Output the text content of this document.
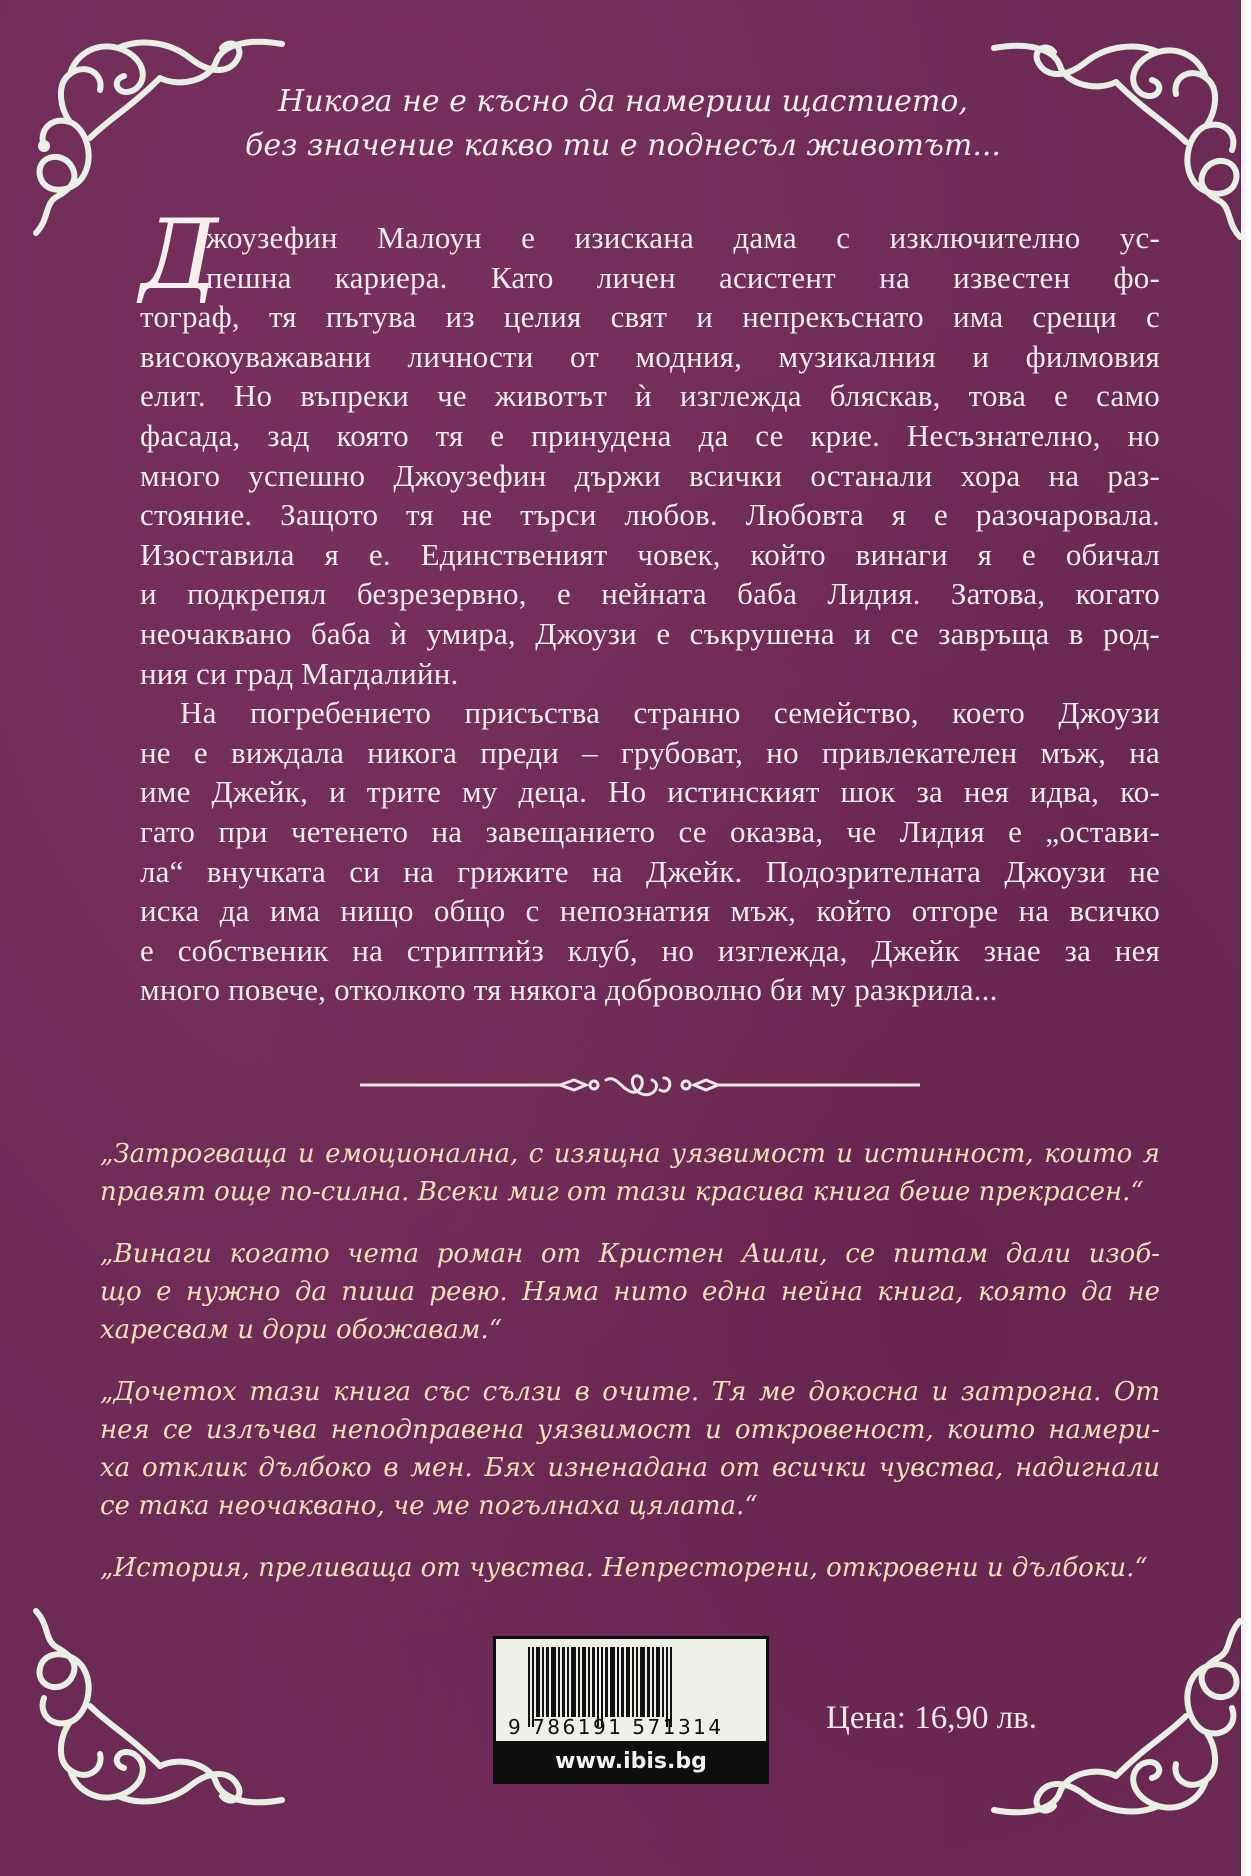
Никога не е късно да намериш щастието,
без значение какво ти е поднесъл животът...
Д
жоузефин Малоун е изискана дама с изключително ус-
пешна кариера. Като личен асистент на известен фо-
тограф, тя пътува из целия свят и непрекъснато има срещи с
високоуважавани личности от модния, музикалния и филмовия
елит. Но въпреки че животът ѝ изглежда бляскав, това е само
фасада, зад която тя е принудена да се крие. Несъзнателно, но
много успешно Джоузефин държи всички останали хора на раз-
стояние. Защото тя не търси любов. Любовта я е разочаровала.
Изоставила я е. Единственият човек, който винаги я е обичал
и подкрепял безрезервно, е нейната баба Лидия. Затова, когато
неочаквано баба ѝ умира, Джоузи е съкрушена и се завръща в род-
ния си град Магдалийн.
На погребението присъства странно семейство, което Джоузи
не е виждала никога преди – грубоват, но привлекателен мъж, на
име Джейк, и трите му деца. Но истинският шок за нея идва, ко-
гато при четенето на завещанието се оказва, че Лидия е „остави-
ла“ внучката си на грижите на Джейк. Подозрителната Джоузи не
иска да има нищо общо с непознатия мъж, който отгоре на всичко
е собственик на стриптийз клуб, но изглежда, Джейк знае за нея
много повече, отколкото тя някога доброволно би му разкрила...
„Затрогваща и емоционална, с изящна уязвимост и истинност, които я
правят още по-силна. Всеки миг от тази красива книга беше прекрасен.“
„Винаги когато чета роман от Кристен Ашли, се питам дали изоб-
що е нужно да пиша ревю. Няма нито една нейна книга, която да не
харесвам и дори обожавам.“
„Дочетох тази книга със сълзи в очите. Тя ме докосна и затрогна. От
нея се излъчва неподправена уязвимост и откровеност, които намери-
ха отклик дълбоко в мен. Бях изненадана от всички чувства, надигнали
се така неочаквано, че ме погълнаха цялата.“
„История, преливаща от чувства. Непресторени, откровени и дълбоки.“
9 786191 571314
www.ibis.bg
Цена: 16,90 лв.
